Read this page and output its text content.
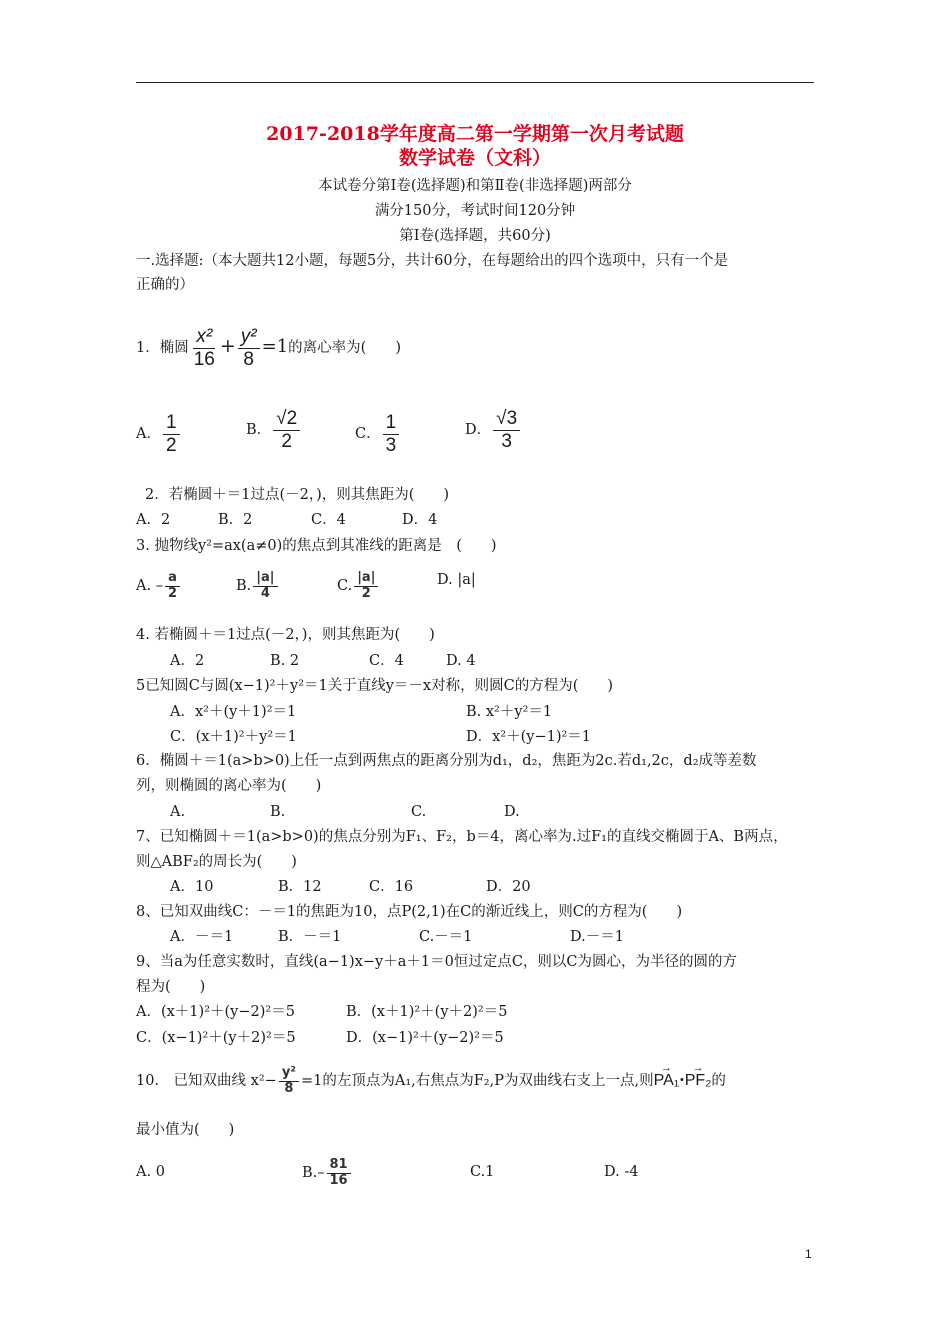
2017-2018学年度高二第一学期第一次月考试题
数学试卷（文科）
本试卷分第Ⅰ卷(选择题)和第Ⅱ卷(非选择题)两部分
满分150分，考试时间120分钟
第Ⅰ卷(选择题，共60分)
一.选择题:（本大题共12小题，每题5分，共计60分，在每题给出的四个选项中，只有一个是
正确的）
1．椭圆 $\frac{\text{x²}}{16} + \frac{\text{y²}}{8} =1$的离心率为(　　)
A． $\frac{1}{2}$	B． $\frac{√2}{2}$	C． $\frac{1}{3}$	D． $\frac{√3}{3}$
2．若椭圆＋＝1过点(－2，)，则其焦距为(　　)
A．2	B．2	C．4	D．4
3. 抛物线y²=ax(a≠0)的焦点到其准线的距离是　(　　)
A. – $\frac{a}{2}$	B. $\frac{|a|}{4}$	C. $\frac{|a|}{2}$	D. |a|
4. 若椭圆＋＝1过点(－2，)，则其焦距为(　　)
A．2	B. 2	C．4	D. 4
5已知圆C与圆(x−1)²＋y²＝1关于直线y＝－x对称，则圆C的方程为(　　)
A．x²＋(y＋1)²＝1	B. x²＋y²＝1
C．(x＋1)²＋y²＝1	D．x²＋(y−1)²＝1
6．椭圆＋＝1(a>b>0)上任一点到两焦点的距离分别为d₁，d₂，焦距为2c.若d₁,2c，d₂成等差数
列，则椭圆的离心率为(　　)
A.	B.	C.	D.
7、已知椭圆＋＝1(a>b>0)的焦点分别为F₁、F₂，b＝4，离心率为.过F₁的直线交椭圆于A、B两点，
则△ABF₂的周长为(　　)
A．10	B．12	C．16	D．20
8、已知双曲线C：－＝1的焦距为10，点P(2,1)在C的渐近线上，则C的方程为(　　)
A．－＝1	B．－＝1	C.－＝1	D.－＝1
9、当a为任意实数时，直线(a−1)x−y＋a＋1＝0恒过定点C，则以C为圆心，为半径的圆的方
程为(　　)
A．(x＋1)²＋(y−2)²＝5	B．(x＋1)²＋(y＋2)²＝5
C．(x−1)²＋(y＋2)²＝5	D．(x−1)²＋(y−2)²＝5
10.　已知双曲线 $x^2- \frac{\text{y²}}{8} =1$的左顶点为A₁,右焦点为F₂,P为双曲线右支上一点,则→ PA₁·→ PF₂的
最小值为(　　)
A. 0	$B.- \frac{81}{16}$	C.1	D. -4
1
